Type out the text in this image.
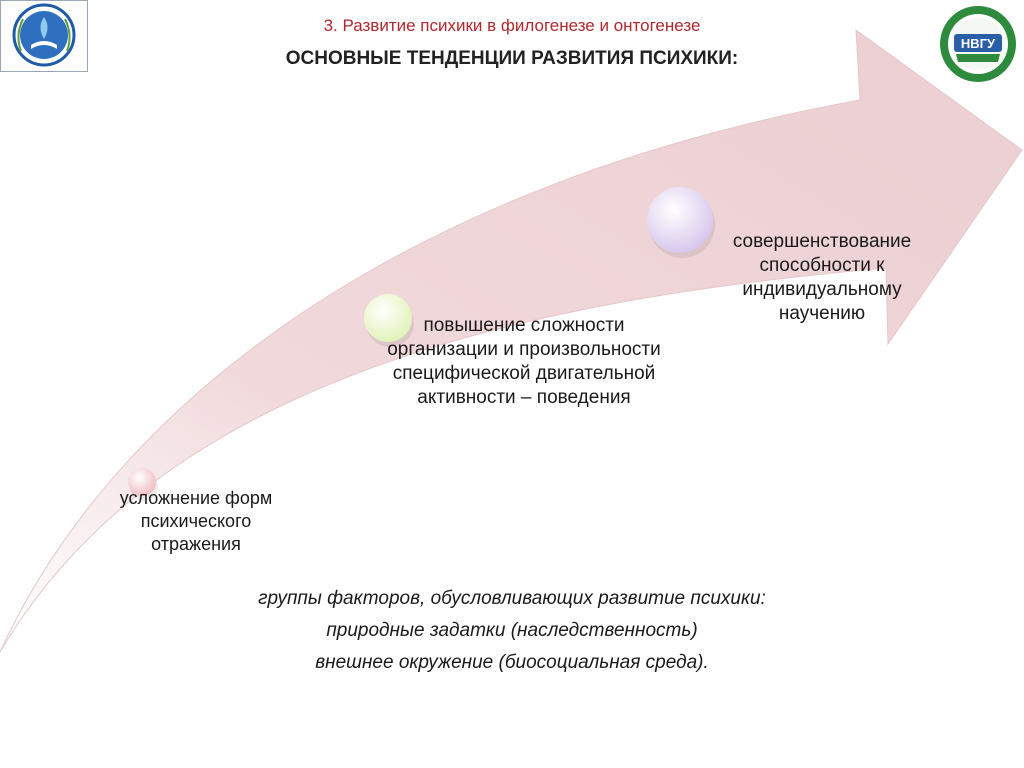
НВГУ
1988

3. Развитие психики в филогенезе и онтогенезе

ОСНОВНЫЕ ТЕНДЕНЦИИ РАЗВИТИЯ ПСИХИКИ:

усложнение форм
психического
отражения
повышение сложности
организации и произвольности
специфической двигательной
активности – поведения
совершенствование
способности к
индивидуальному
научению

группы факторов, обусловливающих развитие психики:

природные задатки (наследственность)

внешнее окружение (биосоциальная среда).
